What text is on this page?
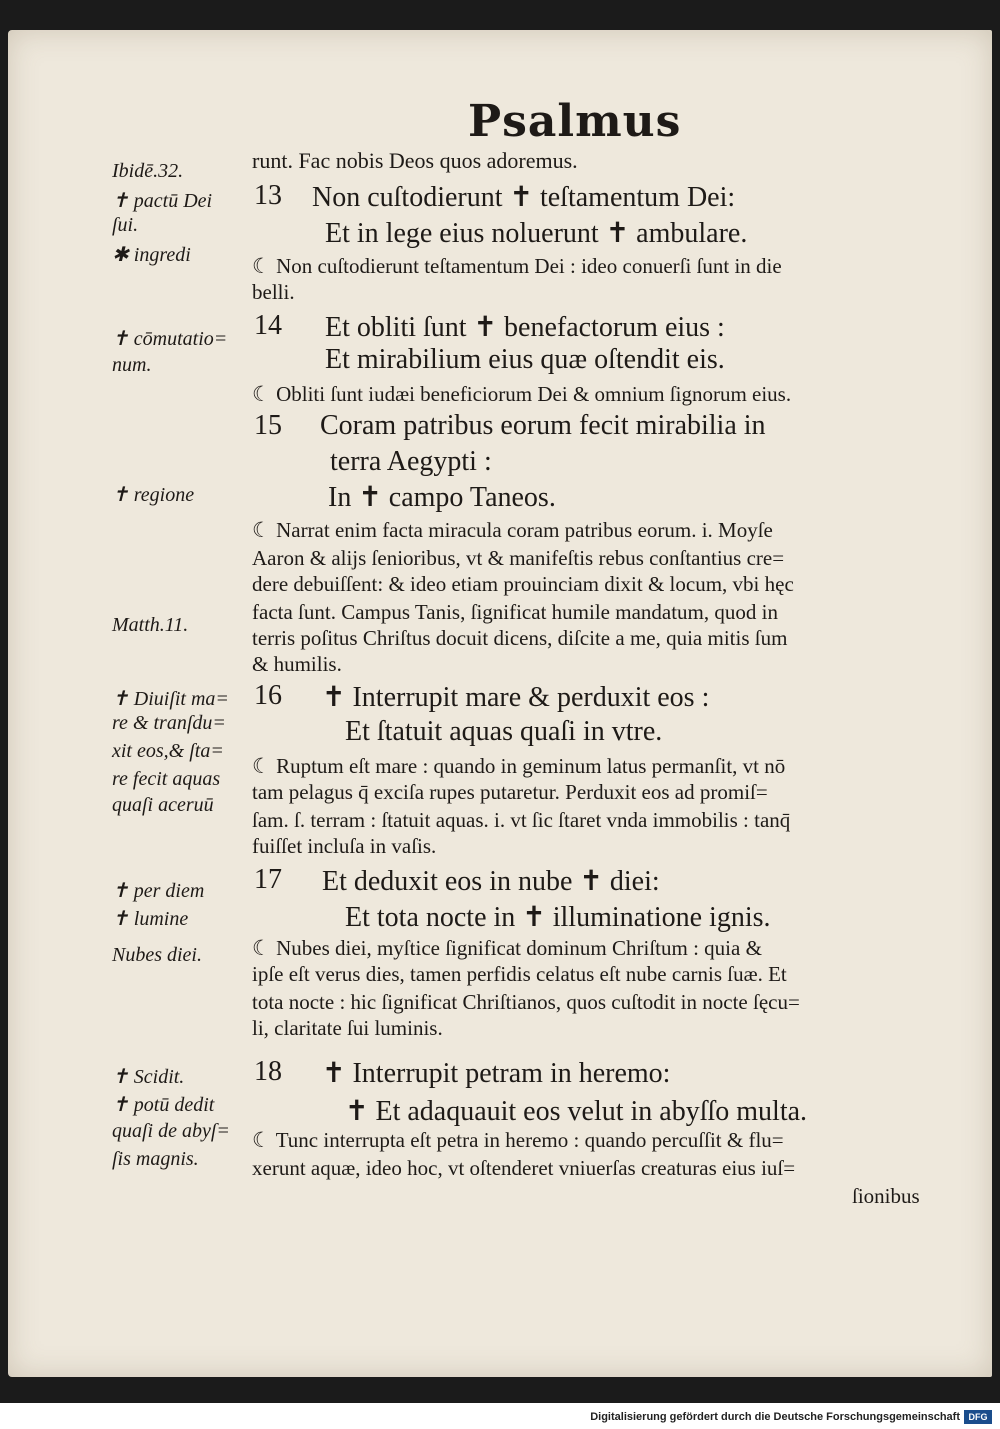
Psalmus
Ibidē.32.
✝ pactū Dei
ſui.
✱ ingredi
✝ cōmutatio=
num.
✝ regione
Matth.11.
✝ Diuiſit ma=
re & tranſdu=
xit eos,& ſta=
re fecit aquas
quaſi aceruū
✝ per diem
✝ lumine
Nubes diei.
✝ Scidit.
✝ potū dedit
quaſi de abyſ=
ſis magnis.
13
14
15
16
17
18
runt. Fac nobis Deos quos adoremus.
Non cuſtodierunt ✝ teſtamentum Dei:
Et in lege eius noluerunt ✝ ambulare.
☾ Non cuſtodierunt teſtamentum Dei : ideo conuerſi ſunt in die
belli.
Et obliti ſunt ✝ benefactorum eius :
Et mirabilium eius quæ oſtendit eis.
☾ Obliti ſunt iudæi beneficiorum Dei & omnium ſignorum eius.
Coram patribus eorum fecit mirabilia in
terra Aegypti :
In ✝ campo Taneos.
☾ Narrat enim facta miracula coram patribus eorum. i. Moyſe
Aaron & alijs ſenioribus, vt & manifeſtis rebus conſtantius cre=
dere debuiſſent: & ideo etiam prouinciam dixit & locum, vbi hęc
facta ſunt. Campus Tanis, ſignificat humile mandatum, quod in
terris poſitus Chriſtus docuit dicens, diſcite a me, quia mitis ſum
& humilis.
✝ Interrupit mare & perduxit eos :
Et ſtatuit aquas quaſi in vtre.
☾ Ruptum eſt mare : quando in geminum latus permanſit, vt nō
tam pelagus q̄ exciſa rupes putaretur. Perduxit eos ad promiſ=
ſam. ſ. terram : ſtatuit aquas. i. vt ſic ſtaret vnda immobilis : tanq̄
fuiſſet incluſa in vaſis.
Et deduxit eos in nube ✝ diei:
Et tota nocte in ✝ illuminatione ignis.
☾ Nubes diei, myſtice ſignificat dominum Chriſtum : quia &
ipſe eſt verus dies, tamen perfidis celatus eſt nube carnis ſuæ. Et
tota nocte : hic ſignificat Chriſtianos, quos cuſtodit in nocte ſęcu=
li, claritate ſui luminis.
✝ Interrupit petram in heremo:
✝ Et adaquauit eos velut in abyſſo multa.
☾ Tunc interrupta eſt petra in heremo : quando percuſſit & flu=
xerunt aquæ, ideo hoc, vt oſtenderet vniuerſas creaturas eius iuſ=
ſionibus
Digitalisierung gefördert durch die Deutsche Forschungsgemeinschaft DFG
